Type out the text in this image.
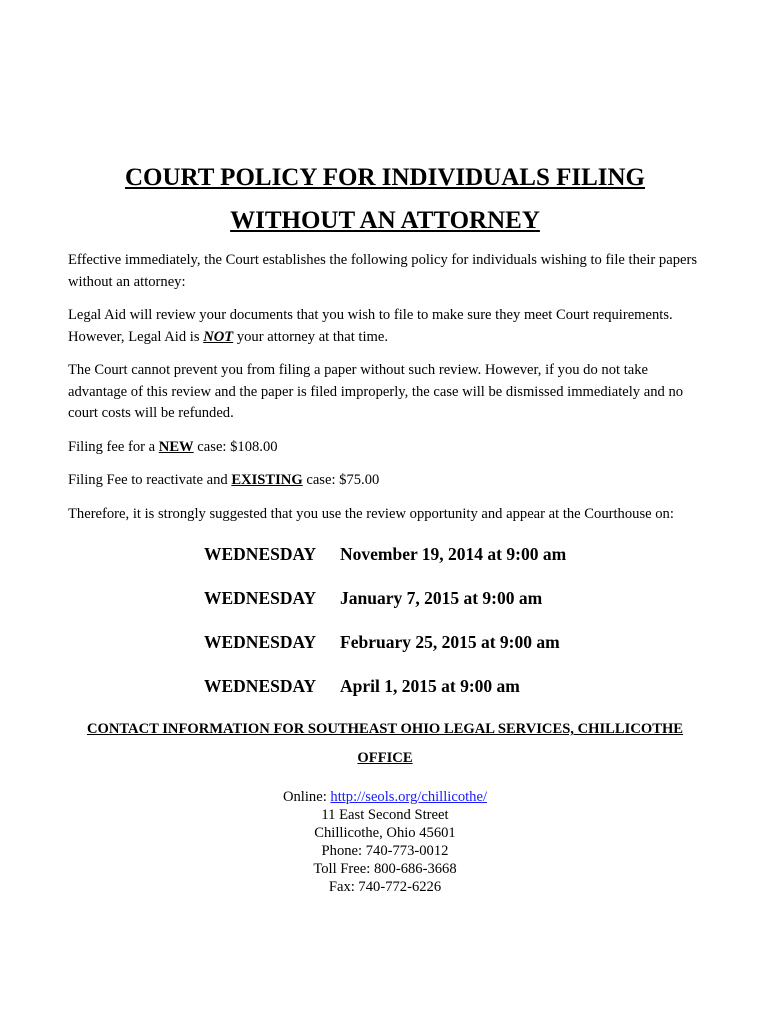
COURT POLICY FOR INDIVIDUALS FILING
WITHOUT AN ATTORNEY

Effective immediately, the Court establishes the following policy for individuals wishing to file their papers without an attorney:

Legal Aid will review your documents that you wish to file to make sure they meet Court requirements. However, Legal Aid is NOT your attorney at that time.

The Court cannot prevent you from filing a paper without such review. However, if you do not take advantage of this review and the paper is filed improperly, the case will be dismissed immediately and no court costs will be refunded.

Filing fee for a NEW case: $108.00

Filing Fee to reactivate and EXISTING case: $75.00

Therefore, it is strongly suggested that you use the review opportunity and appear at the Courthouse on:

WEDNESDAY	November 19, 2014 at 9:00 am
WEDNESDAY	January 7, 2015 at 9:00 am
WEDNESDAY	February 25, 2015 at 9:00 am
WEDNESDAY	April 1, 2015 at 9:00 am
CONTACT INFORMATION FOR SOUTHEAST OHIO LEGAL SERVICES, CHILLICOTHE
OFFICE
Online: http://seols.org/chillicothe/
11 East Second Street
Chillicothe, Ohio 45601
Phone: 740-773-0012
Toll Free: 800-686-3668
Fax: 740-772-6226
